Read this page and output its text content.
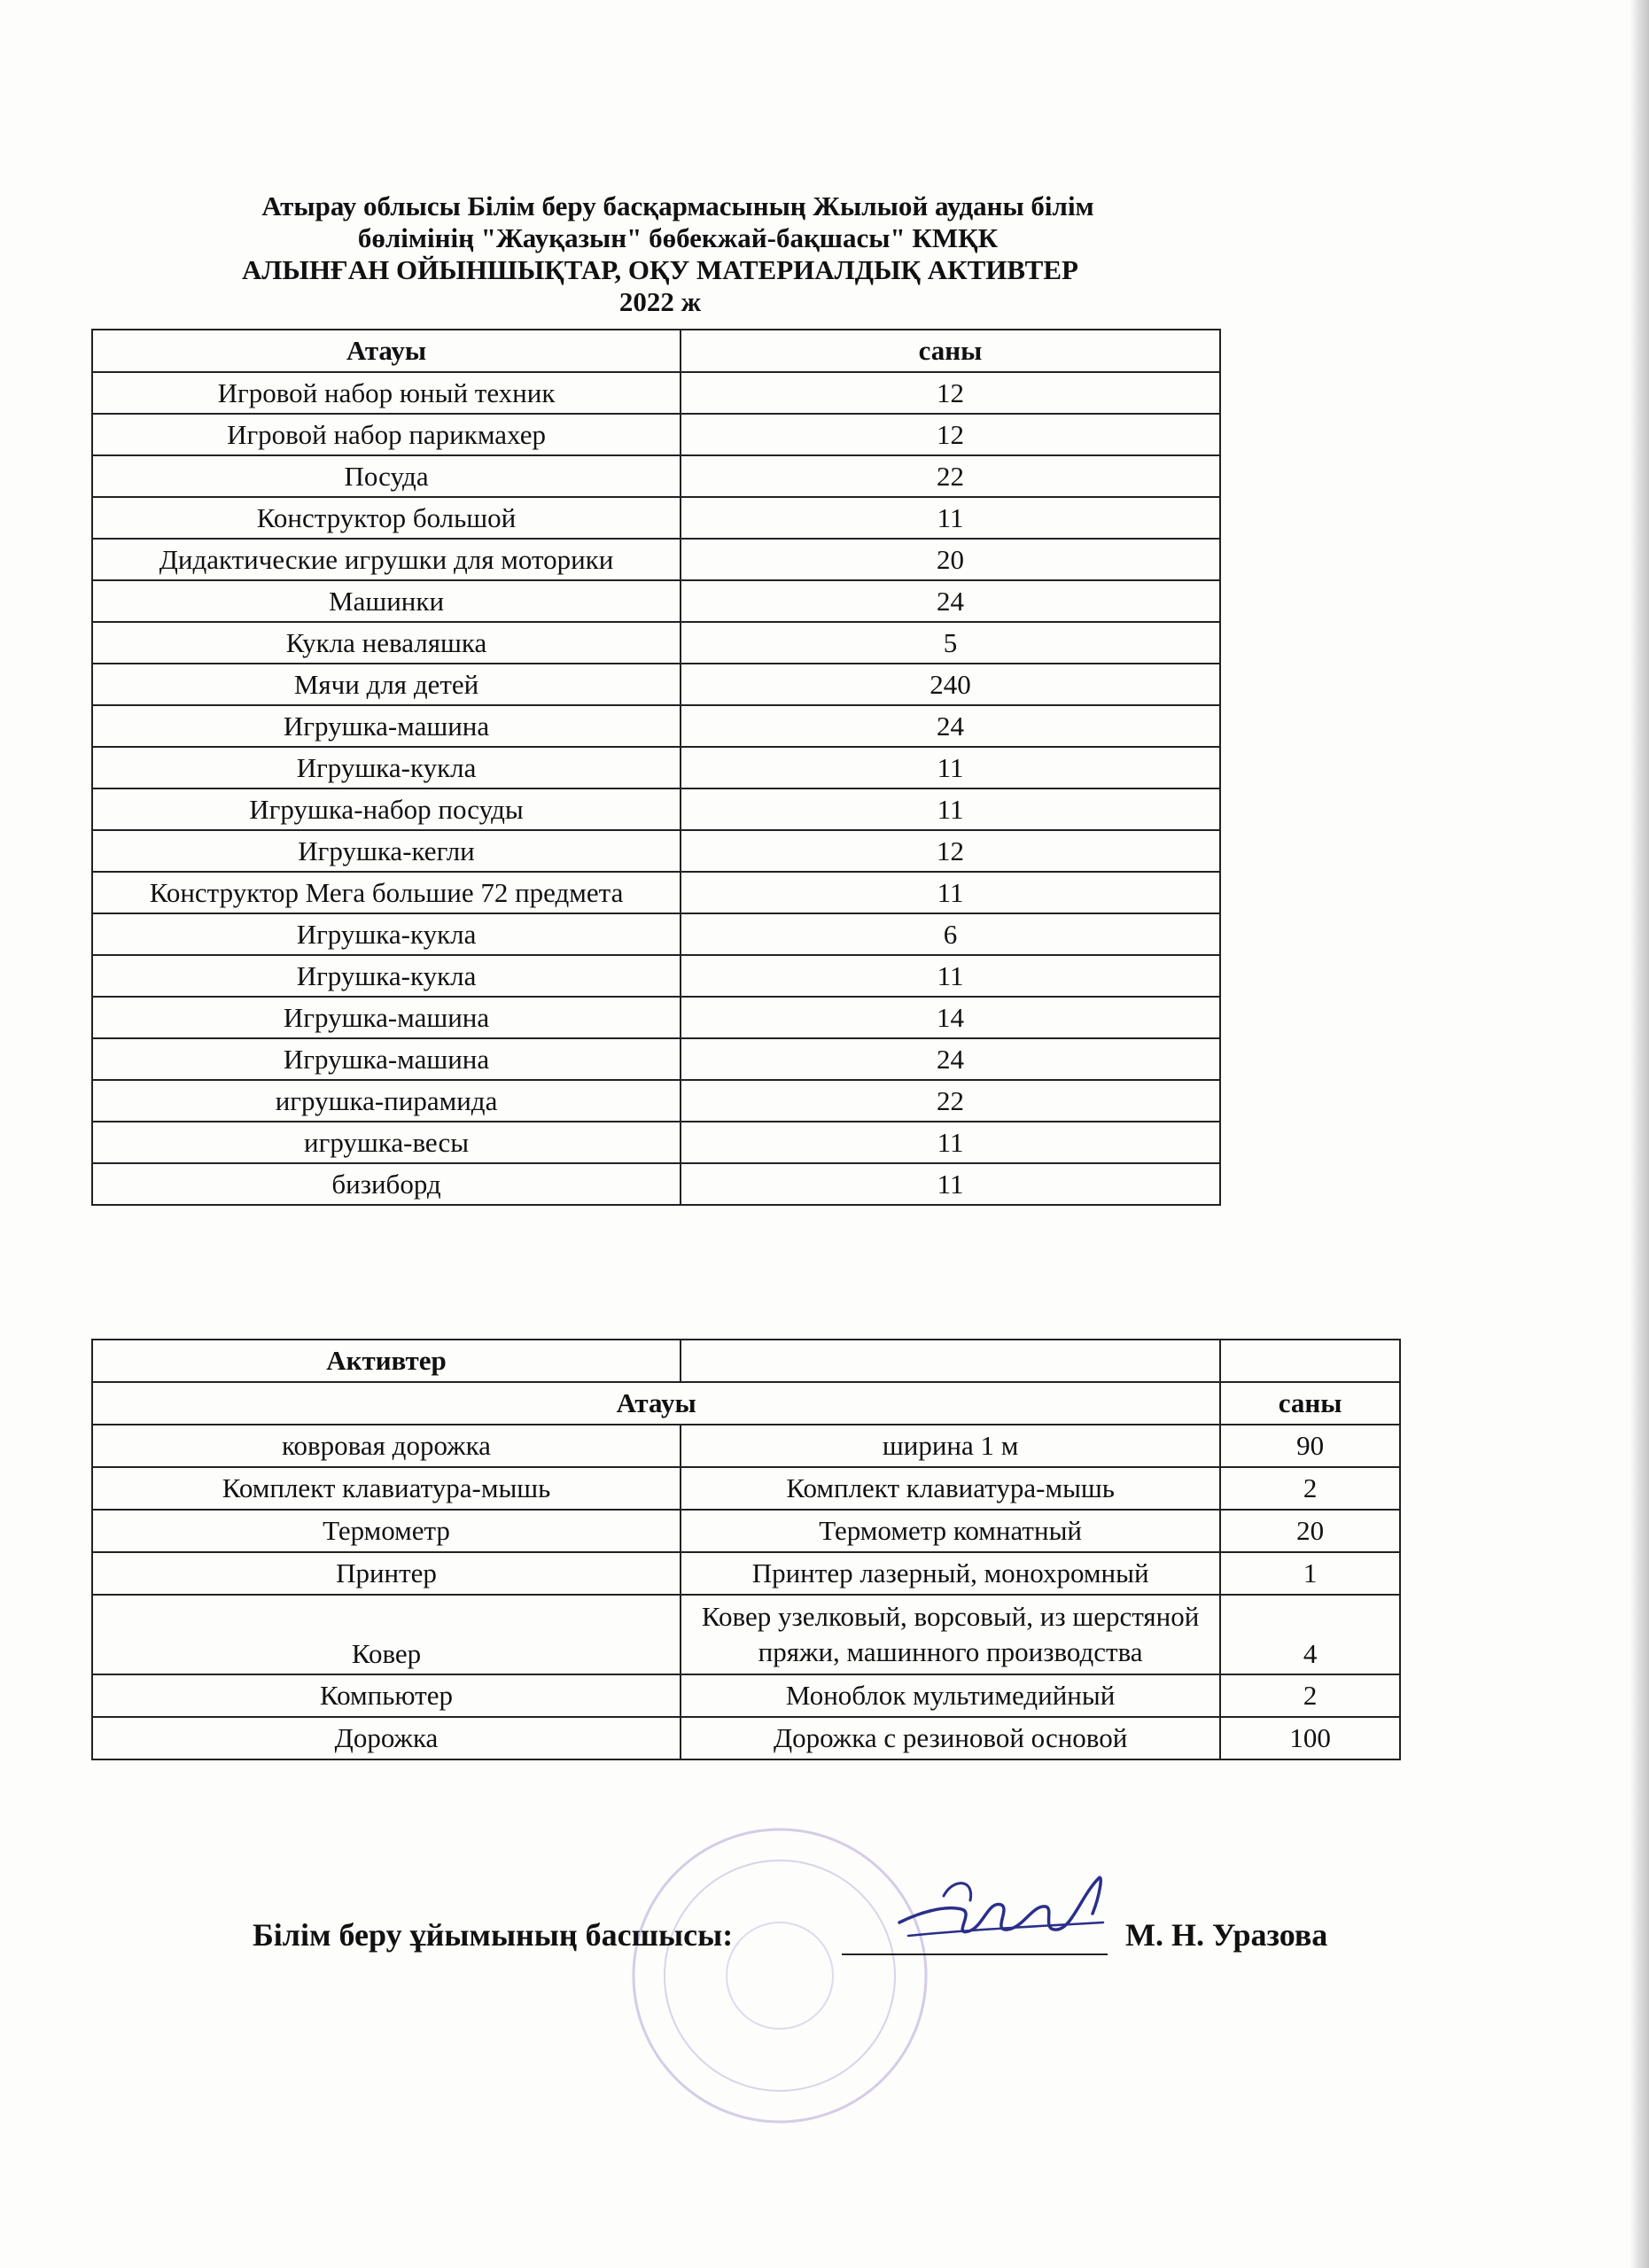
Атырау облысы Білім беру басқармасының Жылыой ауданы білім
бөлімінің "Жауқазын" бөбекжай-бақшасы" КМҚК
АЛЫНҒАН ОЙЫНШЫҚТАР, ОҚУ МАТЕРИАЛДЫҚ АКТИВТЕР
2022 ж
Атауы	саны
Игровой набор юный техник	12
Игровой набор парикмахер	12
Посуда	22
Конструктор большой	11
Дидактические игрушки для моторики	20
Машинки	24
Кукла неваляшка	5
Мячи для детей	240
Игрушка-машина	24
Игрушка-кукла	11
Игрушка-набор посуды	11
Игрушка-кегли	12
Конструктор Мега большие 72 предмета	11
Игрушка-кукла	6
Игрушка-кукла	11
Игрушка-машина	14
Игрушка-машина	24
игрушка-пирамида	22
игрушка-весы	11
бизиборд	11
Активтер		
Атауы		саны
ковровая дорожка	ширина 1 м	90
Комплект клавиатура-мышь	Комплект клавиатура-мышь	2
Термометр	Термометр комнатный	20
Принтер	Принтер лазерный, монохромный	1
Ковер	Ковер узелковый, ворсовый, из шерстяной пряжи, машинного производства	4
Компьютер	Моноблок мультимедийный	2
Дорожка	Дорожка с резиновой основой	100
Білім беру ұйымының басшысы:	М. Н. Уразова
